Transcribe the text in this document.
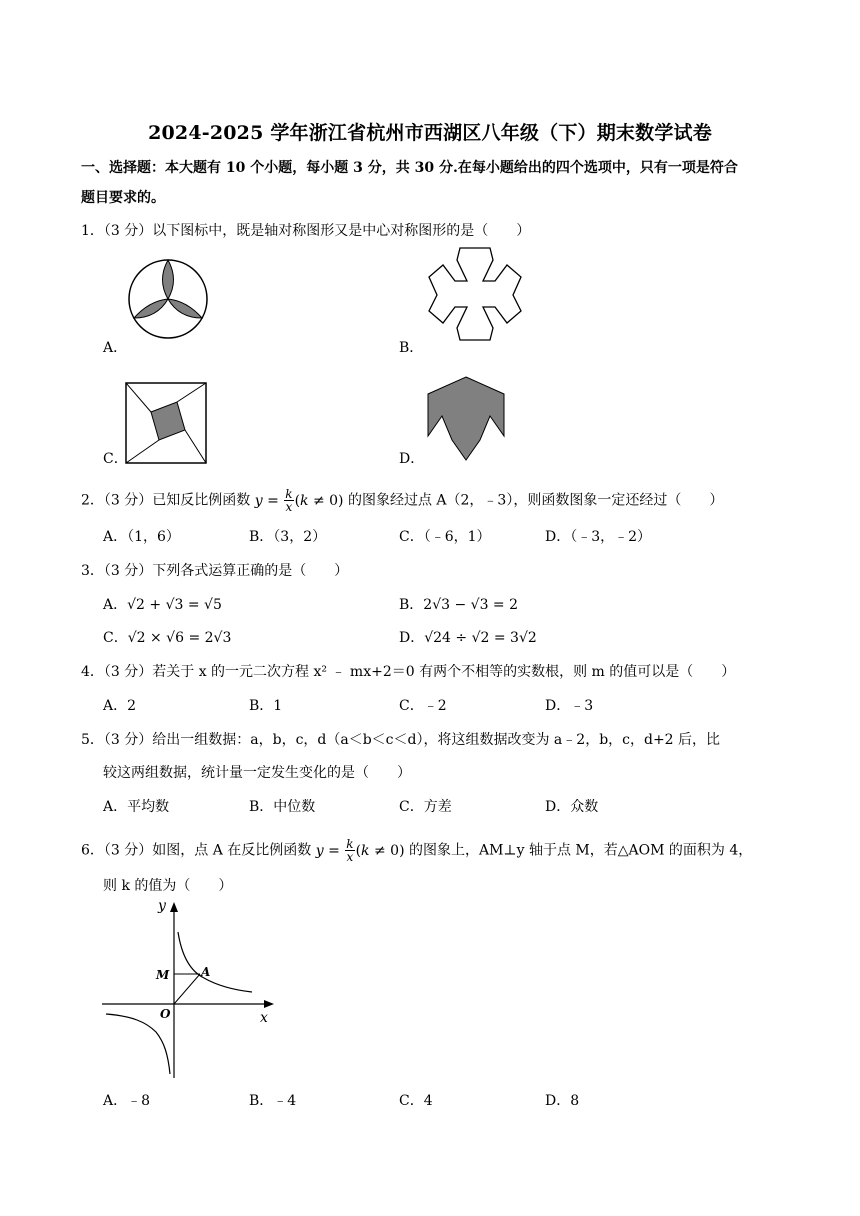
2024-2025 学年浙江省杭州市西湖区八年级（下）期末数学试卷
一、选择题：本大题有 10 个小题，每小题 3 分，共 30 分.在每小题给出的四个选项中，只有一项是符合
题目要求的。
1．（3 分）以下图标中，既是轴对称图形又是中心对称图形的是（　　）
A．	B．
C．	D．
2．（3 分）已知反比例函数 $y = \frac{k}{x} (k \ne 0)$ 的图象经过点 A（2，﹣3），则函数图象一定还经过（　　）
A．（1，6）	B．（3，2）	C．（﹣6，1）	D．（﹣3，﹣2）
3．（3 分）下列各式运算正确的是（　　）
A．√2 + √3 = √5	B．2√3 − √3 = 2
C．√2 × √6 = 2√3	D．√24 ÷ √2 = 3√2
4．（3 分）若关于 x 的一元二次方程 x² ﹣ mx+2＝0 有两个不相等的实数根，则 m 的值可以是（　　）
A．2	B．1	C．﹣2	D．﹣3
5．（3 分）给出一组数据：a，b，c，d（a＜b＜c＜d），将这组数据改变为 a﹣2，b，c，d+2 后，比
较这两组数据，统计量一定发生变化的是（　　）
A．平均数	B．中位数	C．方差	D．众数
6．（3 分）如图，点 A 在反比例函数 $y = \frac{k}{x} (k \ne 0)$ 的图象上，AM⊥y 轴于点 M，若△AOM 的面积为 4，
则 k 的值为（　　）
y
x
M	A
O
A．﹣8	B．﹣4	C．4	D．8
